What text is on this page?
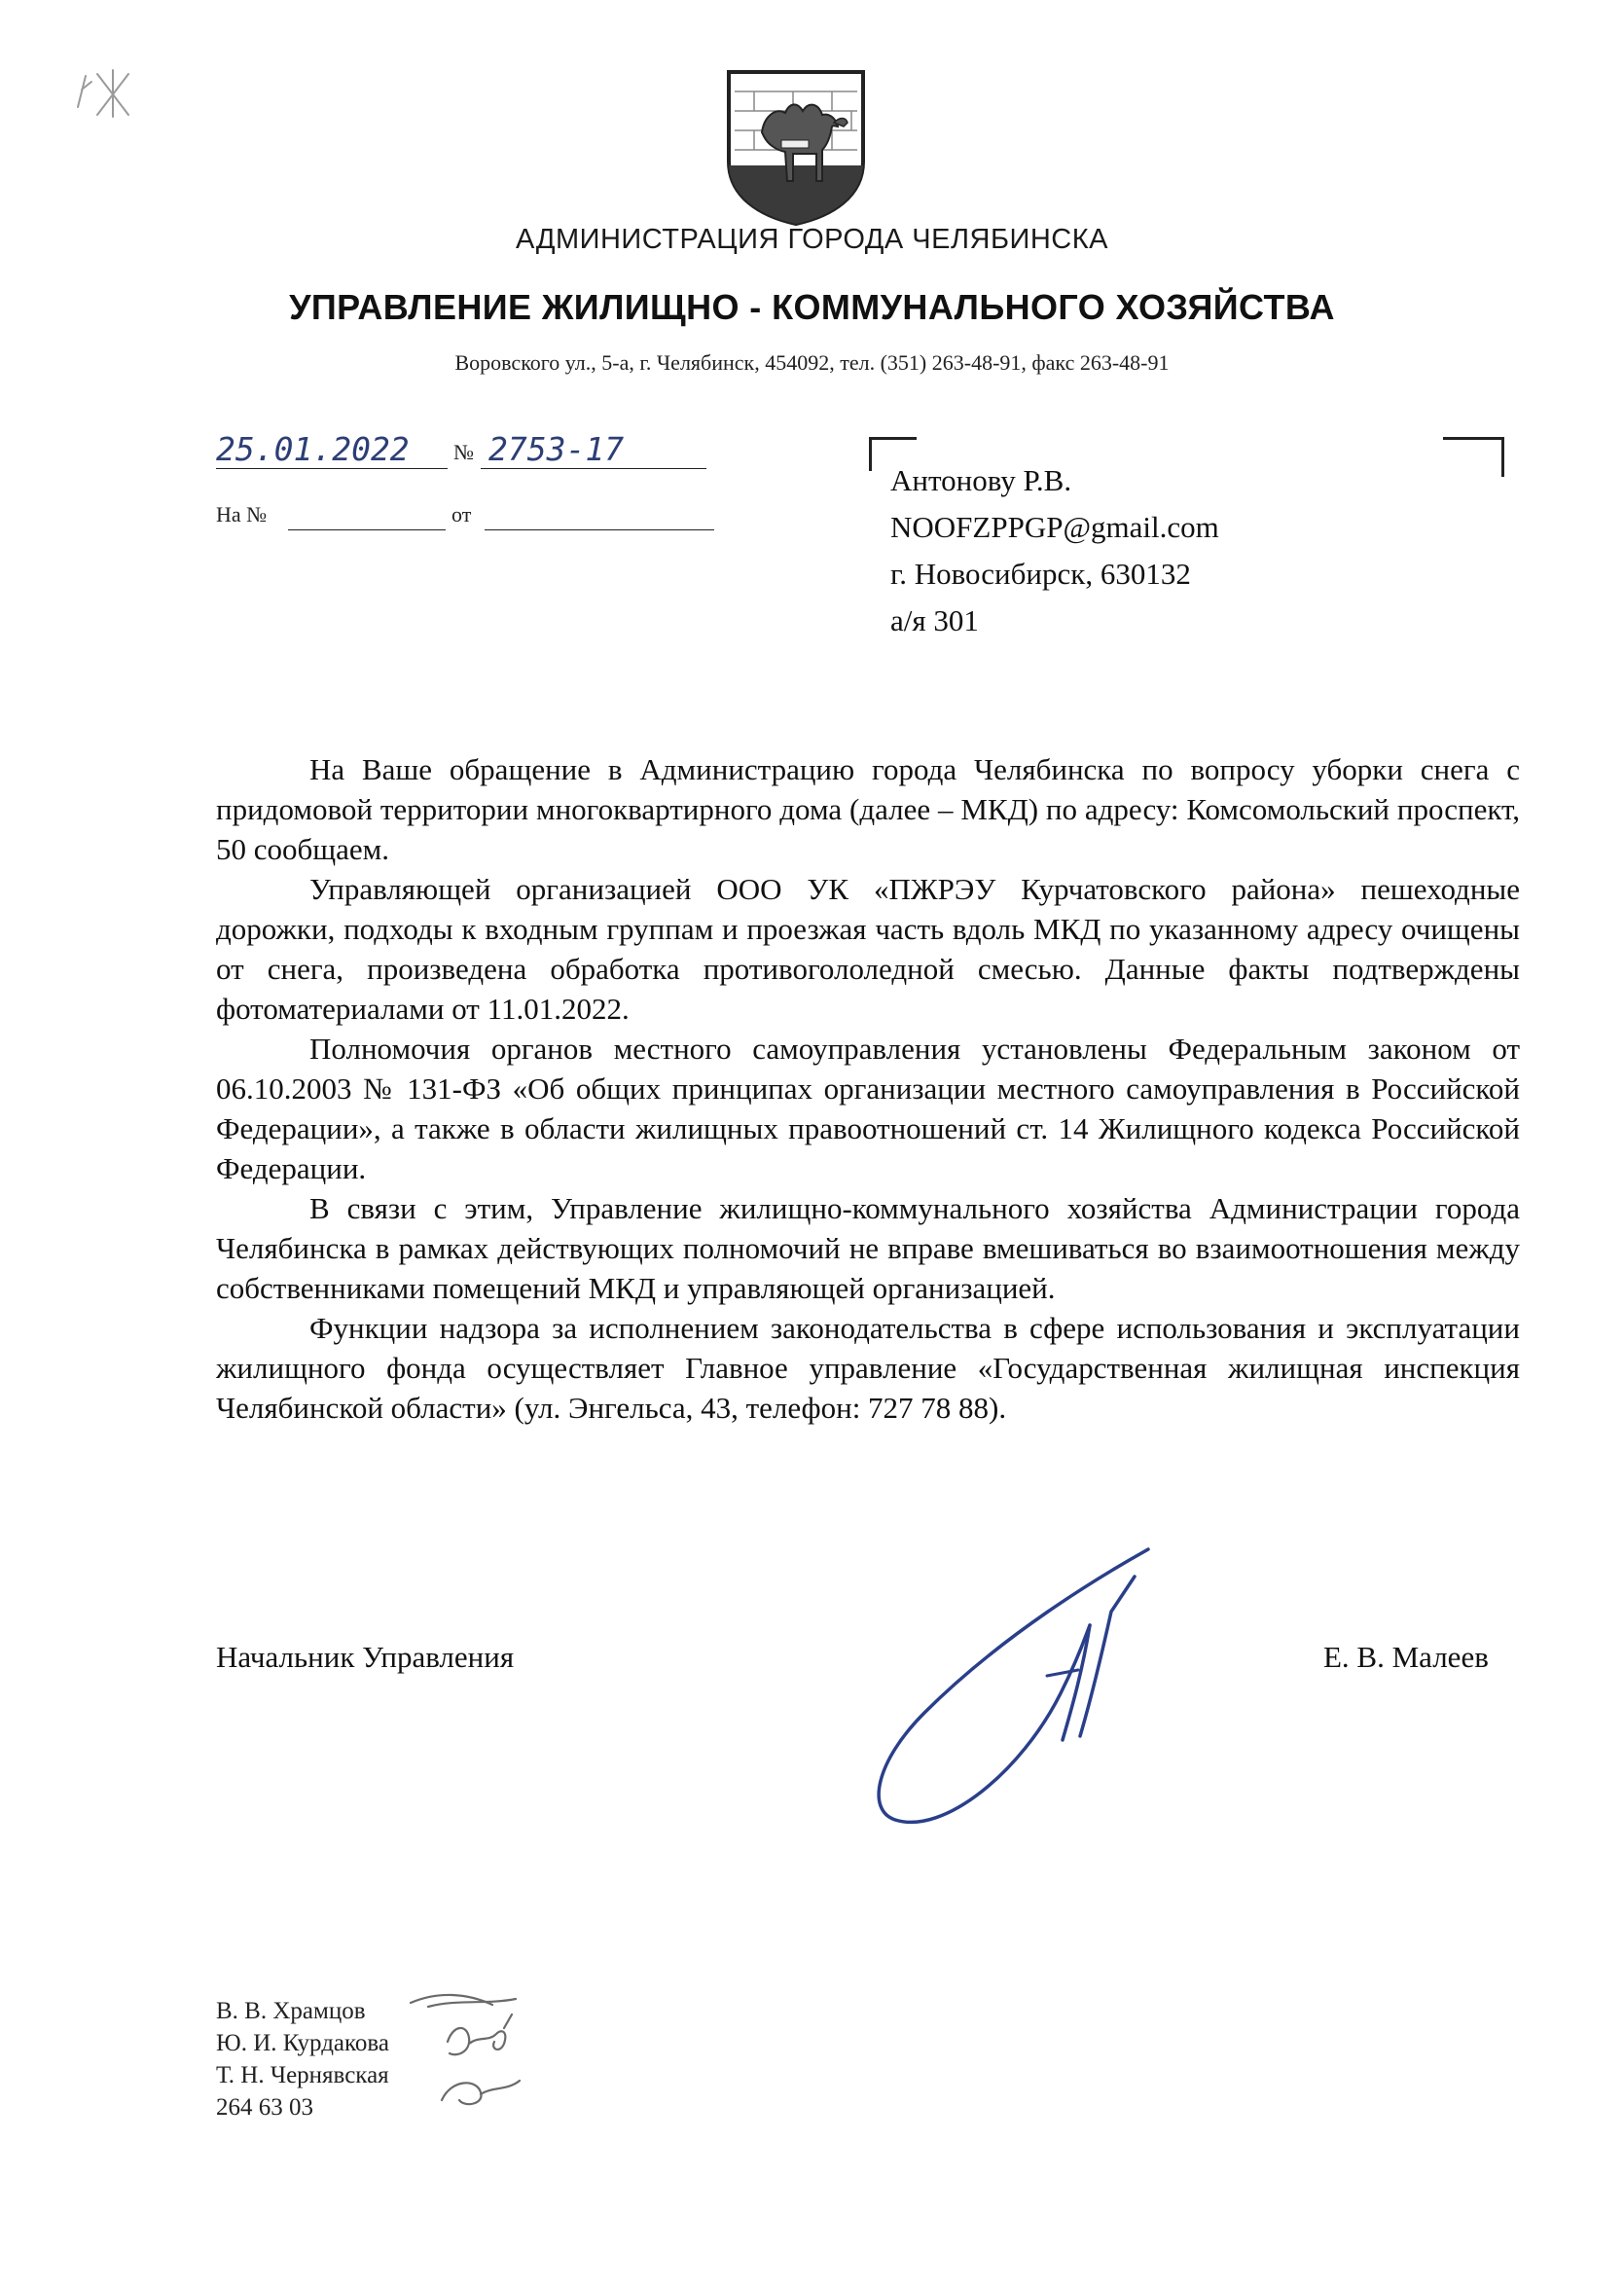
АДМИНИСТРАЦИЯ ГОРОДА ЧЕЛЯБИНСКА
УПРАВЛЕНИЕ ЖИЛИЩНО - КОММУНАЛЬНОГО ХОЗЯЙСТВА
Воровского ул., 5-а, г. Челябинск, 454092, тел. (351) 263-48-91, факс 263-48-91
25.01.2022 № 2753-17
На №	от
Антонову Р.В.
NOOFZPPGP@gmail.com
г. Новосибирск, 630132
а/я 301

На Ваше обращение в Администрацию города Челябинска по вопросу уборки снега с придомовой территории многоквартирного дома (далее – МКД) по адресу: Комсомольский проспект, 50 сообщаем.

Управляющей организацией ООО УК «ПЖРЭУ Курчатовского района» пешеходные дорожки, подходы к входным группам и проезжая часть вдоль МКД по указанному адресу очищены от снега, произведена обработка противогололедной смесью. Данные факты подтверждены фотоматериалами от 11.01.2022.

Полномочия органов местного самоуправления установлены Федеральным законом от 06.10.2003 № 131-ФЗ «Об общих принципах организации местного самоуправления в Российской Федерации», а также в области жилищных правоотношений ст. 14 Жилищного кодекса Российской Федерации.

В связи с этим, Управление жилищно-коммунального хозяйства Администрации города Челябинска в рамках действующих полномочий не вправе вмешиваться во взаимоотношения между собственниками помещений МКД и управляющей организацией.

Функции надзора за исполнением законодательства в сфере использования и эксплуатации жилищного фонда осуществляет Главное управление «Государственная жилищная инспекция Челябинской области» (ул. Энгельса, 43, телефон: 727 78 88).

Начальник Управления	Е. В. Малеев
В. В. Храмцов
Ю. И. Курдакова
Т. Н. Чернявская
264 63 03
